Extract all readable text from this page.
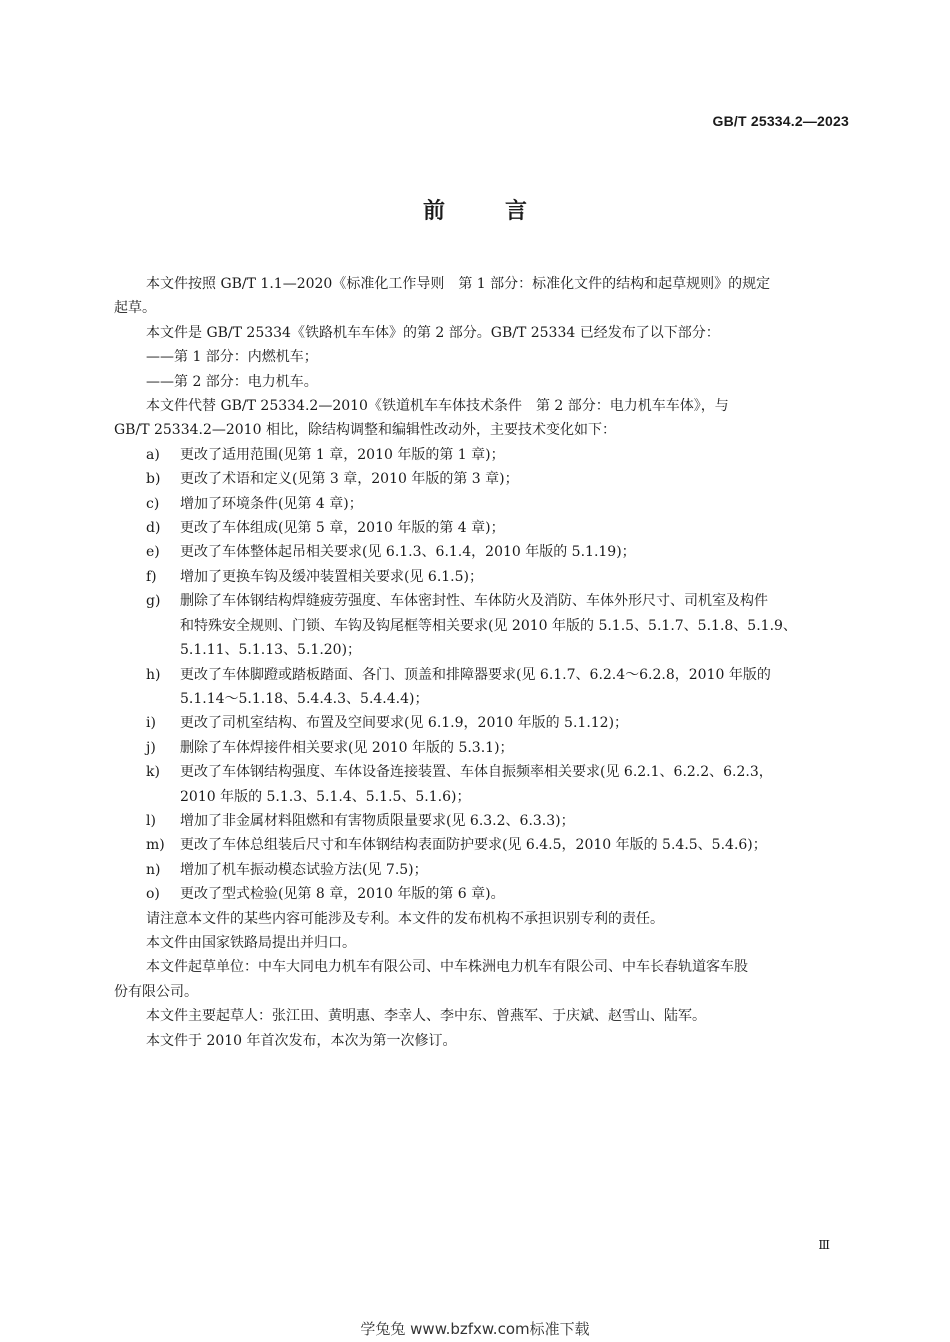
GB/T 25334.2—2023
前言

本文件按照 GB/T 1.1—2020《标准化工作导则　第 1 部分：标准化文件的结构和起草规则》的规定

起草。

本文件是 GB/T 25334《铁路机车车体》的第 2 部分。GB/T 25334 已经发布了以下部分：

——第 1 部分：内燃机车；

——第 2 部分：电力机车。

本文件代替 GB/T 25334.2—2010《铁道机车车体技术条件　第 2 部分：电力机车车体》，与

GB/T 25334.2—2010 相比，除结构调整和编辑性改动外，主要技术变化如下：

a)	更改了适用范围(见第 1 章，2010 年版的第 1 章)；
b)	更改了术语和定义(见第 3 章，2010 年版的第 3 章)；
c)	增加了环境条件(见第 4 章)；
d)	更改了车体组成(见第 5 章，2010 年版的第 4 章)；
e)	更改了车体整体起吊相关要求(见 6.1.3、6.1.4，2010 年版的 5.1.19)；
f)	增加了更换车钩及缓冲装置相关要求(见 6.1.5)；
g)	删除了车体钢结构焊缝疲劳强度、车体密封性、车体防火及消防、车体外形尺寸、司机室及构件
和特殊安全规则、门锁、车钩及钩尾框等相关要求(见 2010 年版的 5.1.5、5.1.7、5.1.8、5.1.9、
5.1.11、5.1.13、5.1.20)；
h)	更改了车体脚蹬或踏板踏面、各门、顶盖和排障器要求(见 6.1.7、6.2.4～6.2.8，2010 年版的
5.1.14～5.1.18、5.4.4.3、5.4.4.4)；
i)	更改了司机室结构、布置及空间要求(见 6.1.9，2010 年版的 5.1.12)；
j)	删除了车体焊接件相关要求(见 2010 年版的 5.3.1)；
k)	更改了车体钢结构强度、车体设备连接装置、车体自振频率相关要求(见 6.2.1、6.2.2、6.2.3，
2010 年版的 5.1.3、5.1.4、5.1.5、5.1.6)；
l)	增加了非金属材料阻燃和有害物质限量要求(见 6.3.2、6.3.3)；
m)	更改了车体总组装后尺寸和车体钢结构表面防护要求(见 6.4.5，2010 年版的 5.4.5、5.4.6)；
n)	增加了机车振动模态试验方法(见 7.5)；
o)	更改了型式检验(见第 8 章，2010 年版的第 6 章)。

请注意本文件的某些内容可能涉及专利。本文件的发布机构不承担识别专利的责任。

本文件由国家铁路局提出并归口。

本文件起草单位：中车大同电力机车有限公司、中车株洲电力机车有限公司、中车长春轨道客车股

份有限公司。

本文件主要起草人：张江田、黄明惠、李幸人、李中东、曾燕军、于庆斌、赵雪山、陆军。

本文件于 2010 年首次发布，本次为第一次修订。

Ⅲ
学兔兔 www.bzfxw.com标准下载
